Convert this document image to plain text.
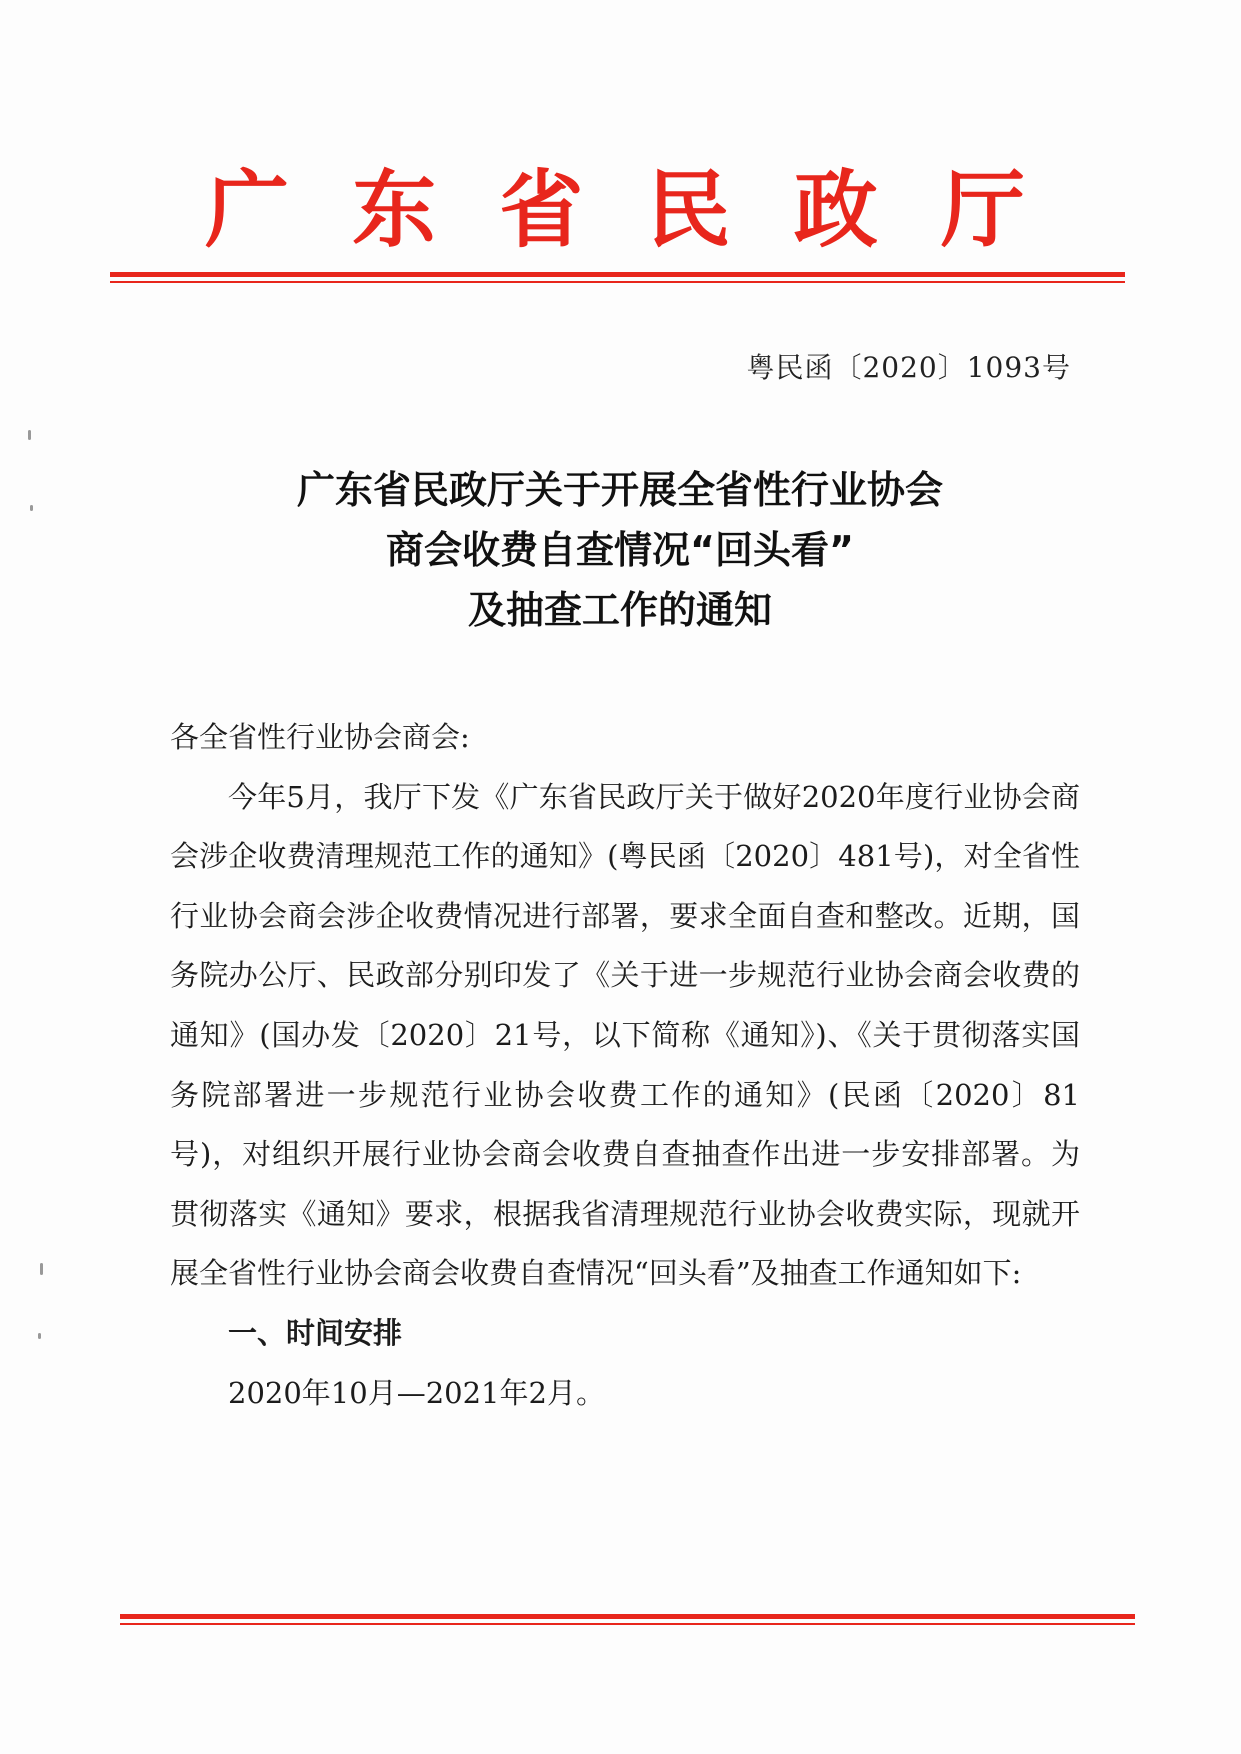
广 东 省 民 政 厅
粤民函〔2020〕1093号
广东省民政厅关于开展全省性行业协会
商会收费自查情况“回头看”
及抽查工作的通知

各全省性行业协会商会:

今年5月，我厅下发《广东省民政厅关于做好2020年度行业协会商会涉企收费清理规范工作的通知》(粤民函〔2020〕481号)，对全省性行业协会商会涉企收费情况进行部署，要求全面自查和整改。近期，国务院办公厅、民政部分别印发了《关于进一步规范行业协会商会收费的通知》(国办发〔2020〕21号，以下简称《通知》)、《关于贯彻落实国务院部署进一步规范行业协会收费工作的通知》(民函〔2020〕81号)，对组织开展行业协会商会收费自查抽查作出进一步安排部署。为贯彻落实《通知》要求，根据我省清理规范行业协会收费实际，现就开展全省性行业协会商会收费自查情况“回头看”及抽查工作通知如下:

一、时间安排

2020年10月—2021年2月。
